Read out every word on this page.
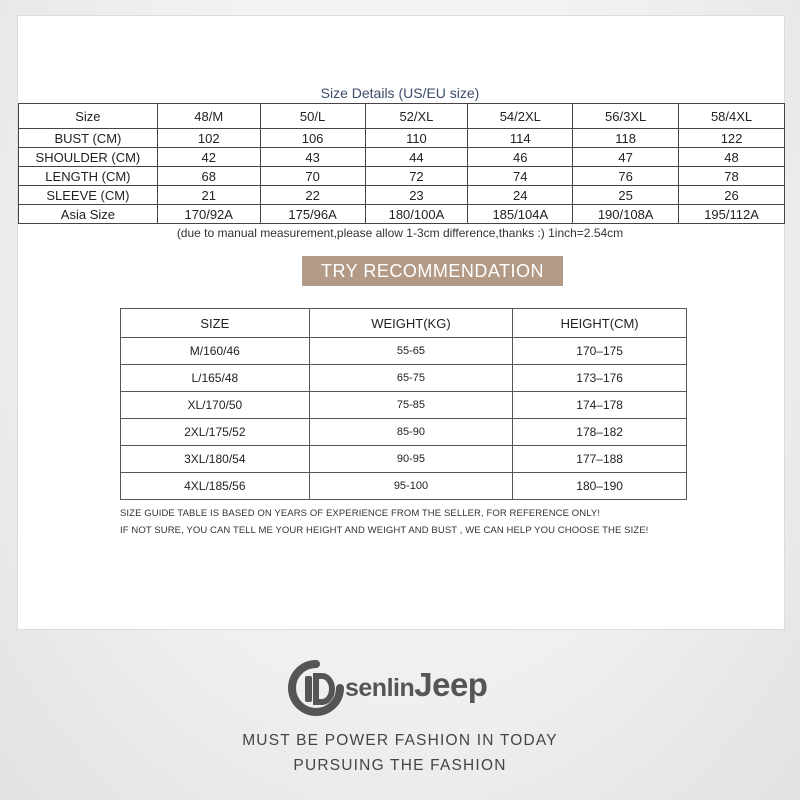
Size Details (US/EU size)
Size	48/M	50/L	52/XL	54/2XL	56/3XL	58/4XL
BUST (CM)	102	106	110	114	118	122
SHOULDER (CM)	42	43	44	46	47	48
LENGTH (CM)	68	70	72	74	76	78
SLEEVE (CM)	21	22	23	24	25	26
Asia Size	170/92A	175/96A	180/100A	185/104A	190/108A	195/112A
(due to manual measurement,please allow 1-3cm difference,thanks :) 1inch=2.54cm
TRY RECOMMENDATION
SIZE	WEIGHT(KG)	HEIGHT(CM)
M/160/46	55-65	170–175
L/165/48	65-75	173–176
XL/170/50	75-85	174–178
2XL/175/52	85-90	178–182
3XL/180/54	90-95	177–188
4XL/185/56	95-100	180–190
SIZE GUIDE TABLE IS BASED ON YEARS OF EXPERIENCE FROM THE SELLER, FOR REFERENCE ONLY!
IF NOT SURE, YOU CAN TELL ME YOUR HEIGHT AND WEIGHT AND BUST , WE CAN HELP YOU CHOOSE THE SIZE!
senlinJeep
MUST BE POWER FASHION IN TODAY
PURSUING THE FASHION
